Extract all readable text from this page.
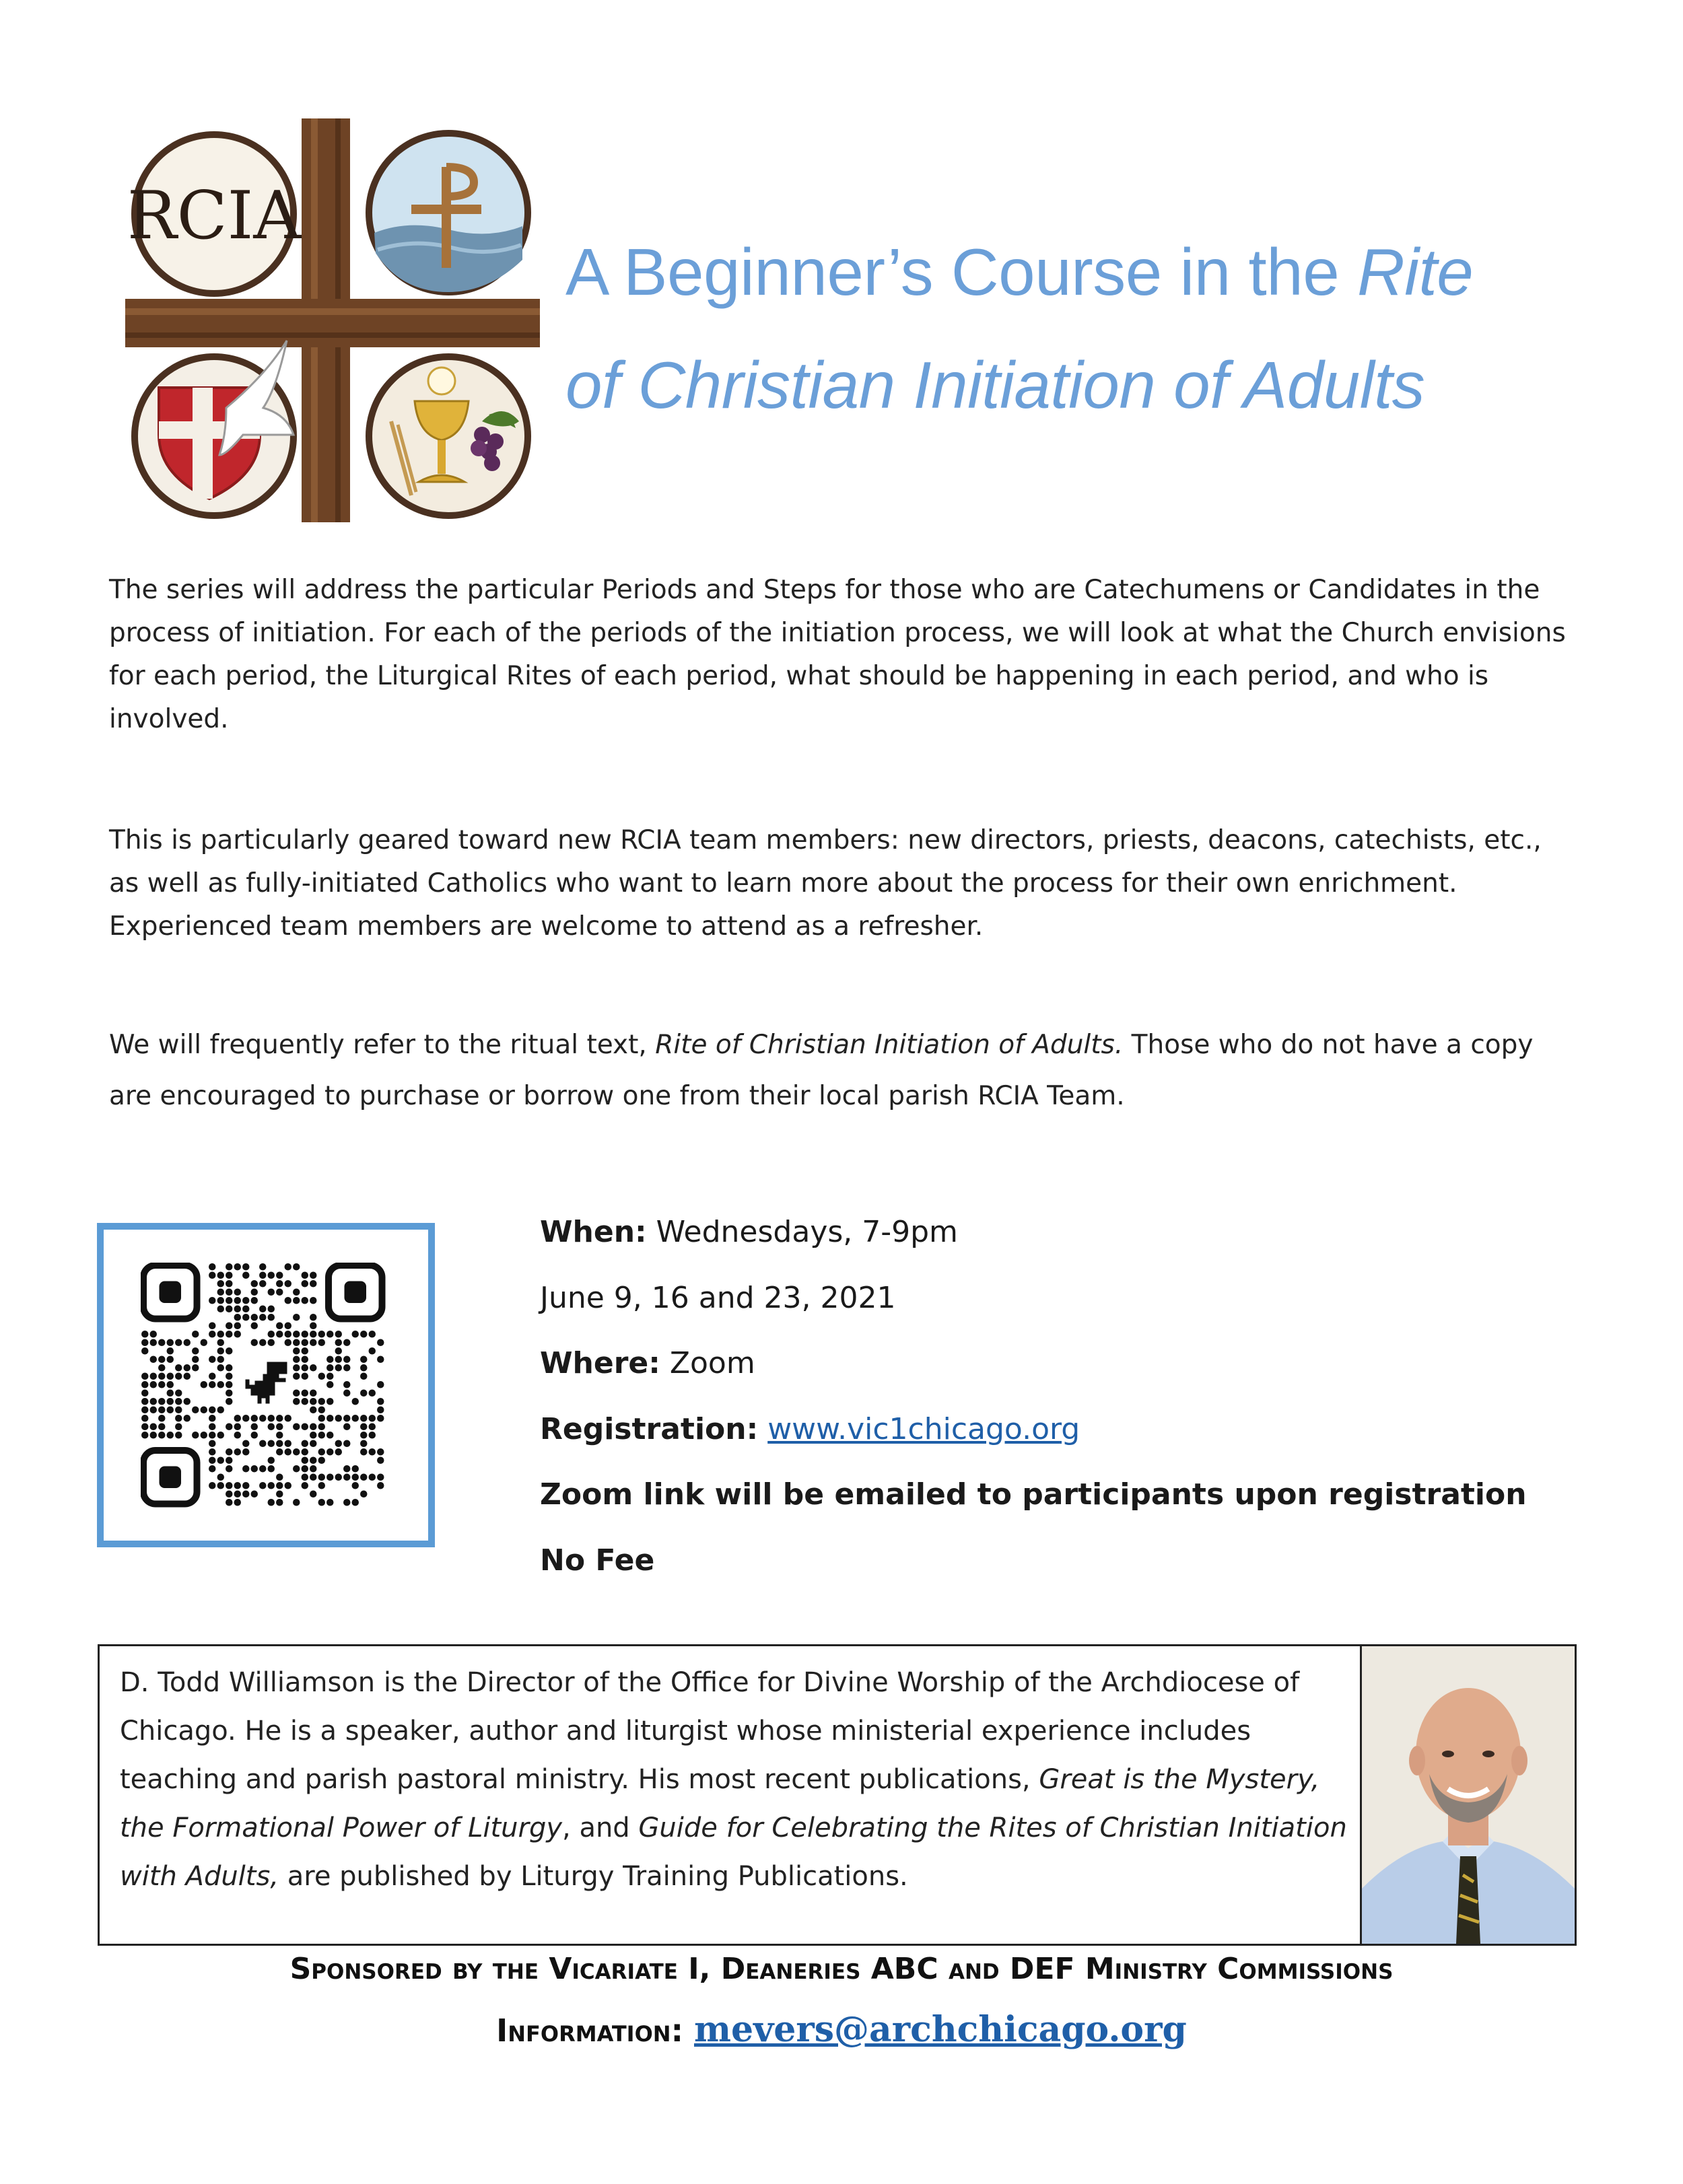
RCIA
A Beginner’s Course in the Rite
of Christian Initiation of Adults

The series will address the particular Periods and Steps for those who are Catechumens or Candidates in the process of initiation. For each of the periods of the initiation process, we will look at what the Church envisions for each period, the Liturgical Rites of each period, what should be happening in each period, and who is involved.

This is particularly geared toward new RCIA team members: new directors, priests, deacons, catechists, etc., as well as fully-initiated Catholics who want to learn more about the process for their own enrichment. Experienced team members are welcome to attend as a refresher.

We will frequently refer to the ritual text, Rite of Christian Initiation of Adults. Those who do not have a copy are encouraged to purchase or borrow one from their local parish RCIA Team.

When: Wednesdays, 7-9pm
June 9, 16 and 23, 2021
Where: Zoom
Registration: www.vic1chicago.org
Zoom link will be emailed to participants upon registration
No Fee
D. Todd Williamson is the Director of the Office for Divine Worship of the Archdiocese of Chicago. He is a speaker, author and liturgist whose ministerial experience includes teaching and parish pastoral ministry. His most recent publications, Great is the Mystery, the Formational Power of Liturgy, and Guide for Celebrating the Rites of Christian Initiation with Adults, are published by Liturgy Training Publications.
Sponsored by the Vicariate I, Deaneries ABC and DEF Ministry Commissions
Information: mevers@archchicago.org
